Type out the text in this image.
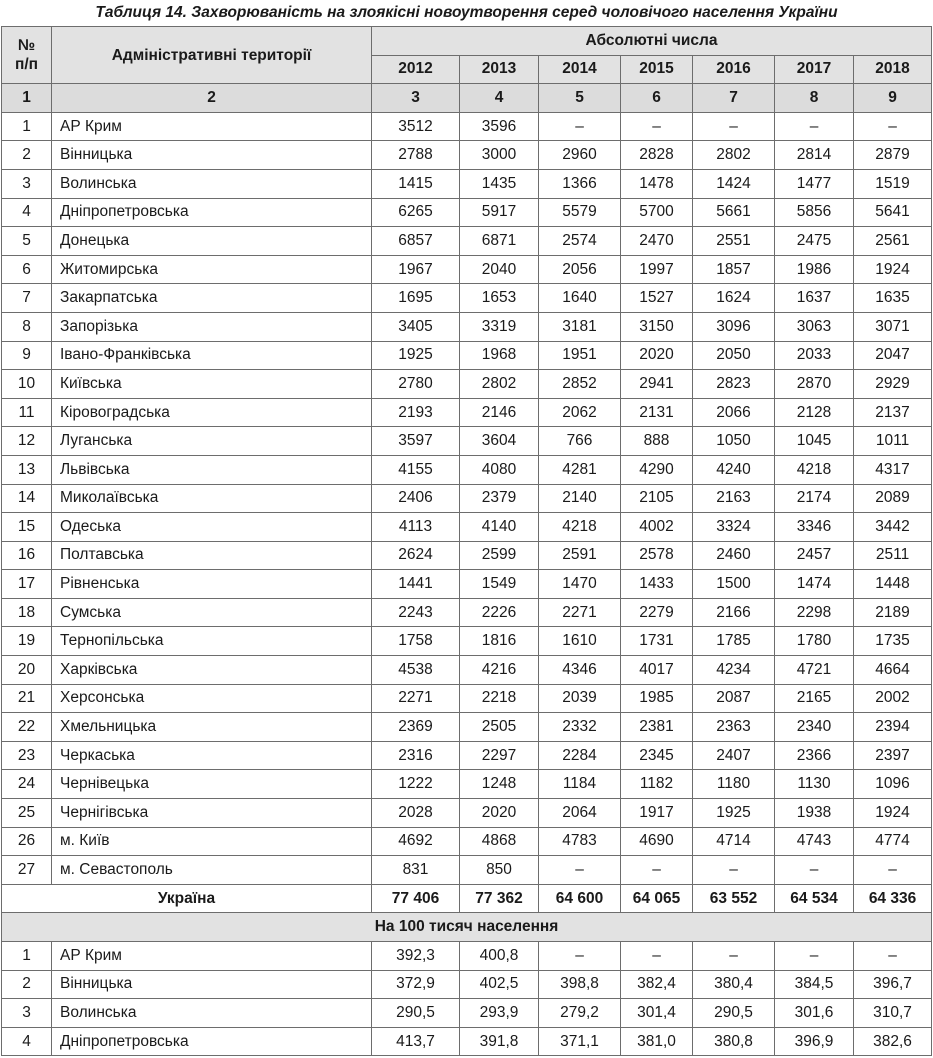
Таблиця 14. Захворюваність на злоякісні новоутворення серед чоловічого населення України
№
п/п	Адміністративні території	Абсолютні числа						
		2012	2013	2014	2015	2016	2017	2018
1	2	3	4	5	6	7	8	9
1	АР Крим	3512	3596	–	–	–	–	–
2	Вінницька	2788	3000	2960	2828	2802	2814	2879
3	Волинська	1415	1435	1366	1478	1424	1477	1519
4	Дніпропетровська	6265	5917	5579	5700	5661	5856	5641
5	Донецька	6857	6871	2574	2470	2551	2475	2561
6	Житомирська	1967	2040	2056	1997	1857	1986	1924
7	Закарпатська	1695	1653	1640	1527	1624	1637	1635
8	Запорізька	3405	3319	3181	3150	3096	3063	3071
9	Івано-Франківська	1925	1968	1951	2020	2050	2033	2047
10	Київська	2780	2802	2852	2941	2823	2870	2929
11	Кіровоградська	2193	2146	2062	2131	2066	2128	2137
12	Луганська	3597	3604	766	888	1050	1045	1011
13	Львівська	4155	4080	4281	4290	4240	4218	4317
14	Миколаївська	2406	2379	2140	2105	2163	2174	2089
15	Одеська	4113	4140	4218	4002	3324	3346	3442
16	Полтавська	2624	2599	2591	2578	2460	2457	2511
17	Рівненська	1441	1549	1470	1433	1500	1474	1448
18	Сумська	2243	2226	2271	2279	2166	2298	2189
19	Тернопільська	1758	1816	1610	1731	1785	1780	1735
20	Харківська	4538	4216	4346	4017	4234	4721	4664
21	Херсонська	2271	2218	2039	1985	2087	2165	2002
22	Хмельницька	2369	2505	2332	2381	2363	2340	2394
23	Черкаська	2316	2297	2284	2345	2407	2366	2397
24	Чернівецька	1222	1248	1184	1182	1180	1130	1096
25	Чернігівська	2028	2020	2064	1917	1925	1938	1924
26	м. Київ	4692	4868	4783	4690	4714	4743	4774
27	м. Севастополь	831	850	–	–	–	–	–
Україна		77 406	77 362	64 600	64 065	63 552	64 534	64 336
На 100 тисяч населення								
1	АР Крим	392,3	400,8	–	–	–	–	–
2	Вінницька	372,9	402,5	398,8	382,4	380,4	384,5	396,7
3	Волинська	290,5	293,9	279,2	301,4	290,5	301,6	310,7
4	Дніпропетровська	413,7	391,8	371,1	381,0	380,8	396,9	382,6
